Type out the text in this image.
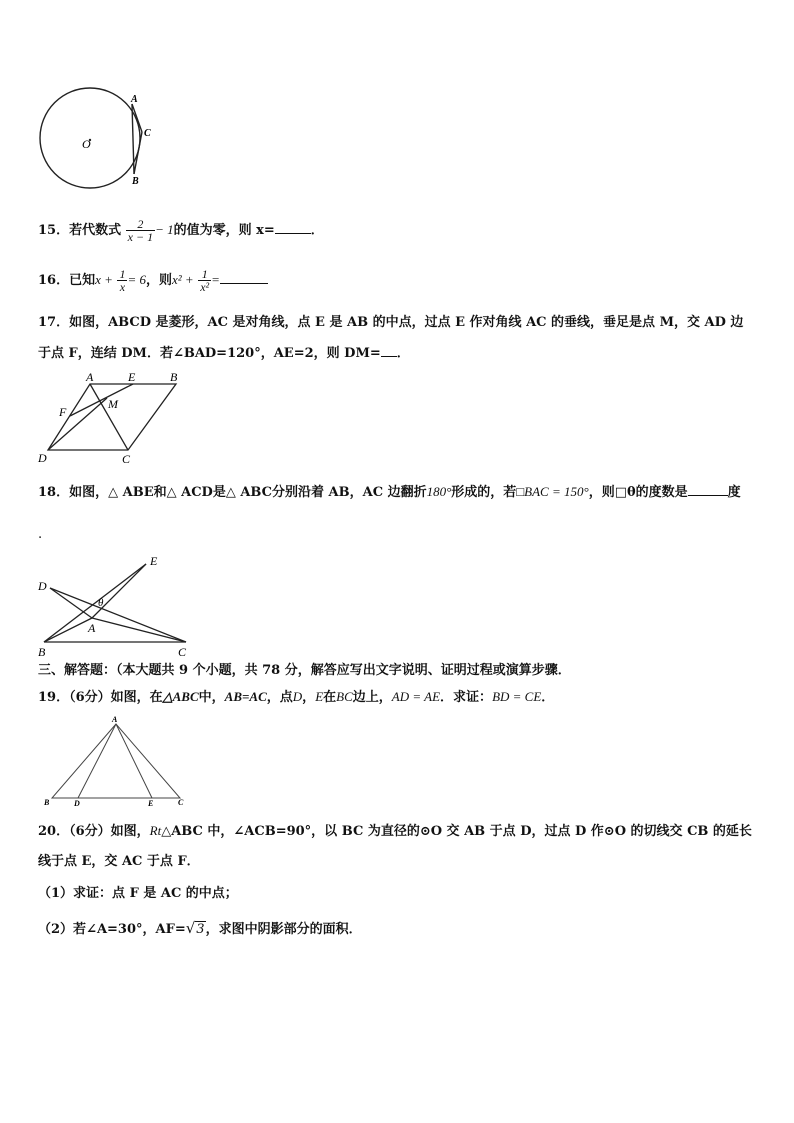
O
A
C
B
15．若代数式 $\frac{2}{x - 1} - 1$的值为零，则 x=	．
16．已知$x + \frac{1}{x} = 6$，则$x^2 + \frac{1}{\text{x²}}$ =
17．如图，ABCD 是菱形，AC 是对角线，点 E 是 AB 的中点，过点 E 作对角线 AC 的垂线，垂足是点 M，交 AD 边
于点 F，连结 DM．若∠BAD=120°，AE=2，则 DM= ．
A	E	B
F
M
D	C
18．如图，△ ABE和△ ACD是△ ABC分别沿着 AB，AC 边翻折180°形成的，若□BAC = 150°，则□θ的度数是	度
.
D
E
θ
A
B	C
三、解答题：（本大题共 9 个小题，共 78 分，解答应写出文字说明、证明过程或演算步骤．
19．（6分）如图，在△ABC中，AB=AC，点D，E在BC边上，AD = AE．求证：BD = CE．
A
B	D	E	C
20．（6分）如图，Rt△ABC 中，∠ACB=90°，以 BC 为直径的⊙O 交 AB 于点 D，过点 D 作⊙O 的切线交 CB 的延长
线于点 E，交 AC 于点 F．
（1）求证：点 F 是 AC 的中点；
（2）若∠A=30°，AF=√3，求图中阴影部分的面积．
